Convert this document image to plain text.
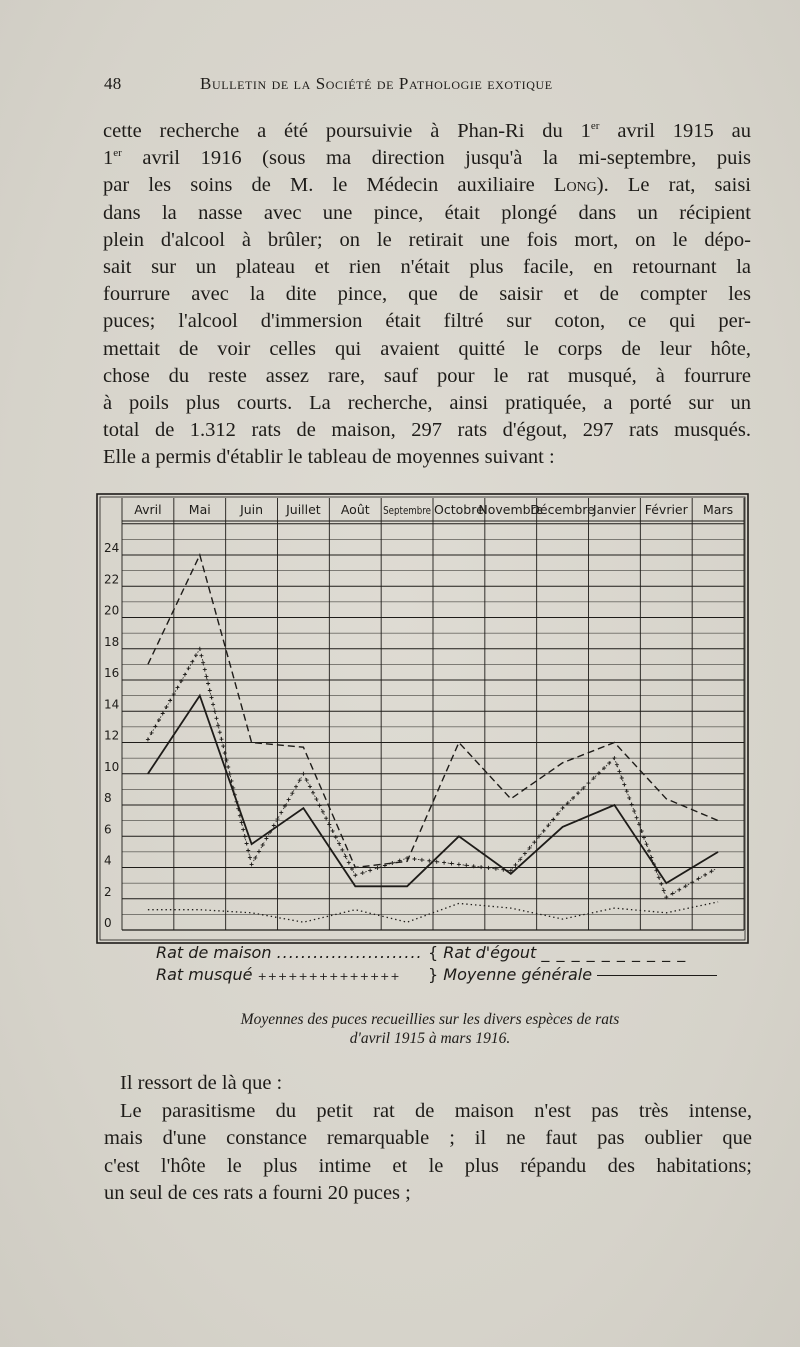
48	Bulletin de la Société de Pathologie exotique
cette recherche a été poursuivie à Phan-Ri du 1er avril 1915 au
1er avril 1916 (sous ma direction jusqu'à la mi-septembre, puis
par les soins de M. le Médecin auxiliaire Long). Le rat, saisi
dans la nasse avec une pince, était plongé dans un récipient
plein d'alcool à brûler; on le retirait une fois mort, on le dépo-
sait sur un plateau et rien n'était plus facile, en retournant la
fourrure avec la dite pince, que de saisir et de compter les
puces; l'alcool d'immersion était filtré sur coton, ce qui per-
mettait de voir celles qui avaient quitté le corps de leur hôte,
chose du reste assez rare, sauf pour le rat musqué, à fourrure
à poils plus courts. La recherche, ainsi pratiquée, a porté sur un
total de 1.312 rats de maison, 297 rats d'égout, 297 rats musqués.
Elle a permis d'établir le tableau de moyennes suivant :
Avril Mai Juin Juillet Août Septembre Octobre
Novembre
Décembre
Janvier Février Mars
0
2
4
6
8
10
12
14
16
18
20
22
24
Rat de maison ........................
Rat musqué ++++++++++++++
{ Rat d'égout _ _ _ _ _ _ _ _ _ _
} Moyenne générale
Moyennes des puces recueillies sur les divers espèces de rats
d'avril 1915 à mars 1916.
Il ressort de là que :
Le parasitisme du petit rat de maison n'est pas très intense,
mais d'une constance remarquable ; il ne faut pas oublier que
c'est l'hôte le plus intime et le plus répandu des habitations;
un seul de ces rats a fourni 20 puces ;
